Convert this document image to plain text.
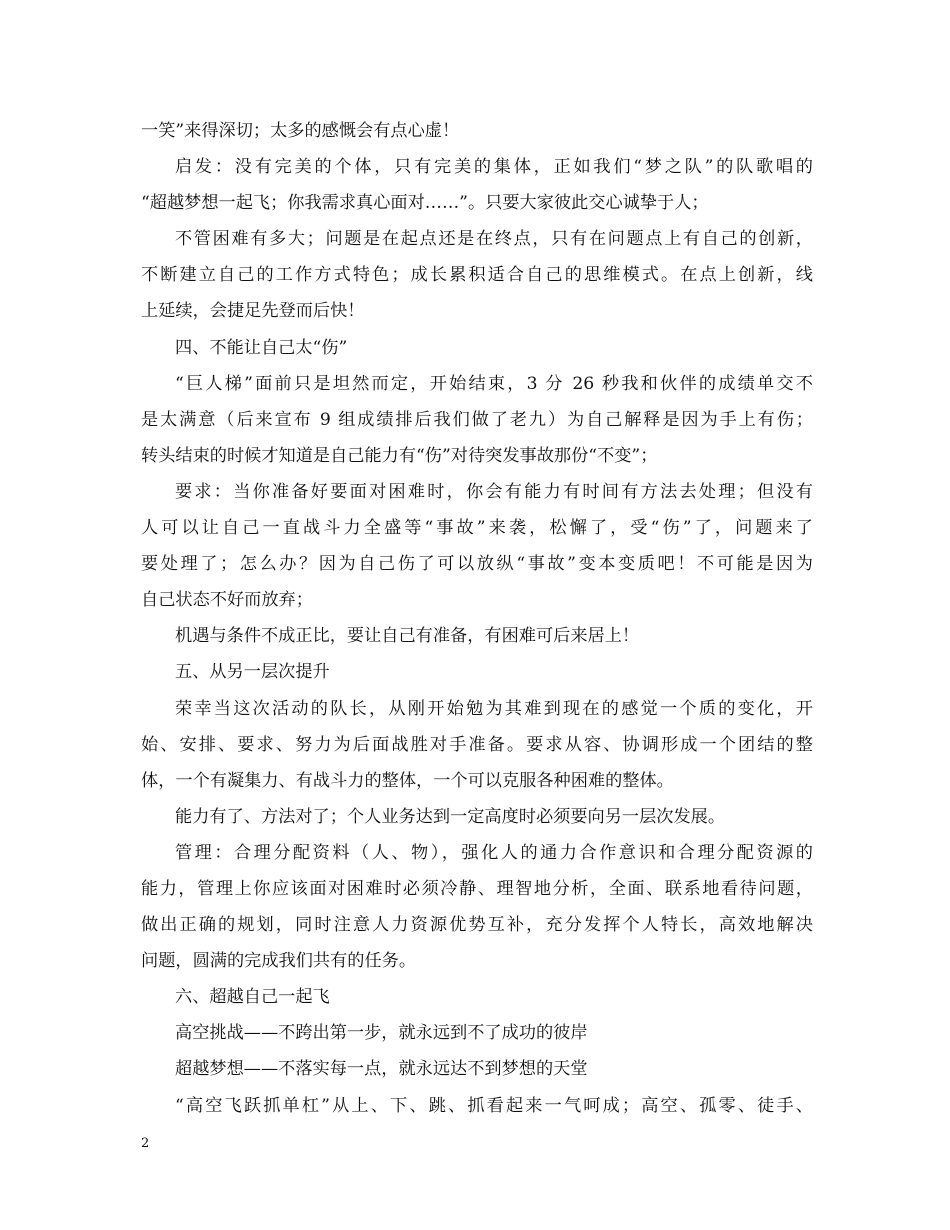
一笑”来得深切；太多的感慨会有点心虚！
启发：没有完美的个体，只有完美的集体，正如我们“梦之队”的队歌唱的
“超越梦想一起飞；你我需求真心面对……”。只要大家彼此交心诚挚于人；
不管困难有多大；问题是在起点还是在终点，只有在问题点上有自己的创新，
不断建立自己的工作方式特色；成长累积适合自己的思维模式。在点上创新，线
上延续，会捷足先登而后快！
四、不能让自己太“伤”
“巨人梯”面前只是坦然而定，开始结束，3 分 26 秒我和伙伴的成绩单交不
是太满意（后来宣布 9 组成绩排后我们做了老九）为自己解释是因为手上有伤；
转头结束的时候才知道是自己能力有“伤”对待突发事故那份“不变”；
要求：当你准备好要面对困难时，你会有能力有时间有方法去处理；但没有
人可以让自己一直战斗力全盛等“事故”来袭，松懈了，受“伤”了，问题来了
要处理了；怎么办？因为自己伤了可以放纵“事故”变本变质吧！不可能是因为
自己状态不好而放弃；
机遇与条件不成正比，要让自己有准备，有困难可后来居上！
五、从另一层次提升
荣幸当这次活动的队长，从刚开始勉为其难到现在的感觉一个质的变化，开
始、安排、要求、努力为后面战胜对手准备。要求从容、协调形成一个团结的整
体，一个有凝集力、有战斗力的整体，一个可以克服各种困难的整体。
能力有了、方法对了；个人业务达到一定高度时必须要向另一层次发展。
管理：合理分配资料（人、物），强化人的通力合作意识和合理分配资源的
能力，管理上你应该面对困难时必须冷静、理智地分析，全面、联系地看待问题，
做出正确的规划，同时注意人力资源优势互补，充分发挥个人特长，高效地解决
问题，圆满的完成我们共有的任务。
六、超越自己一起飞
高空挑战——不跨出第一步，就永远到不了成功的彼岸
超越梦想——不落实每一点，就永远达不到梦想的天堂
“高空飞跃抓单杠”从上、下、跳、抓看起来一气呵成；高空、孤零、徒手、
2
